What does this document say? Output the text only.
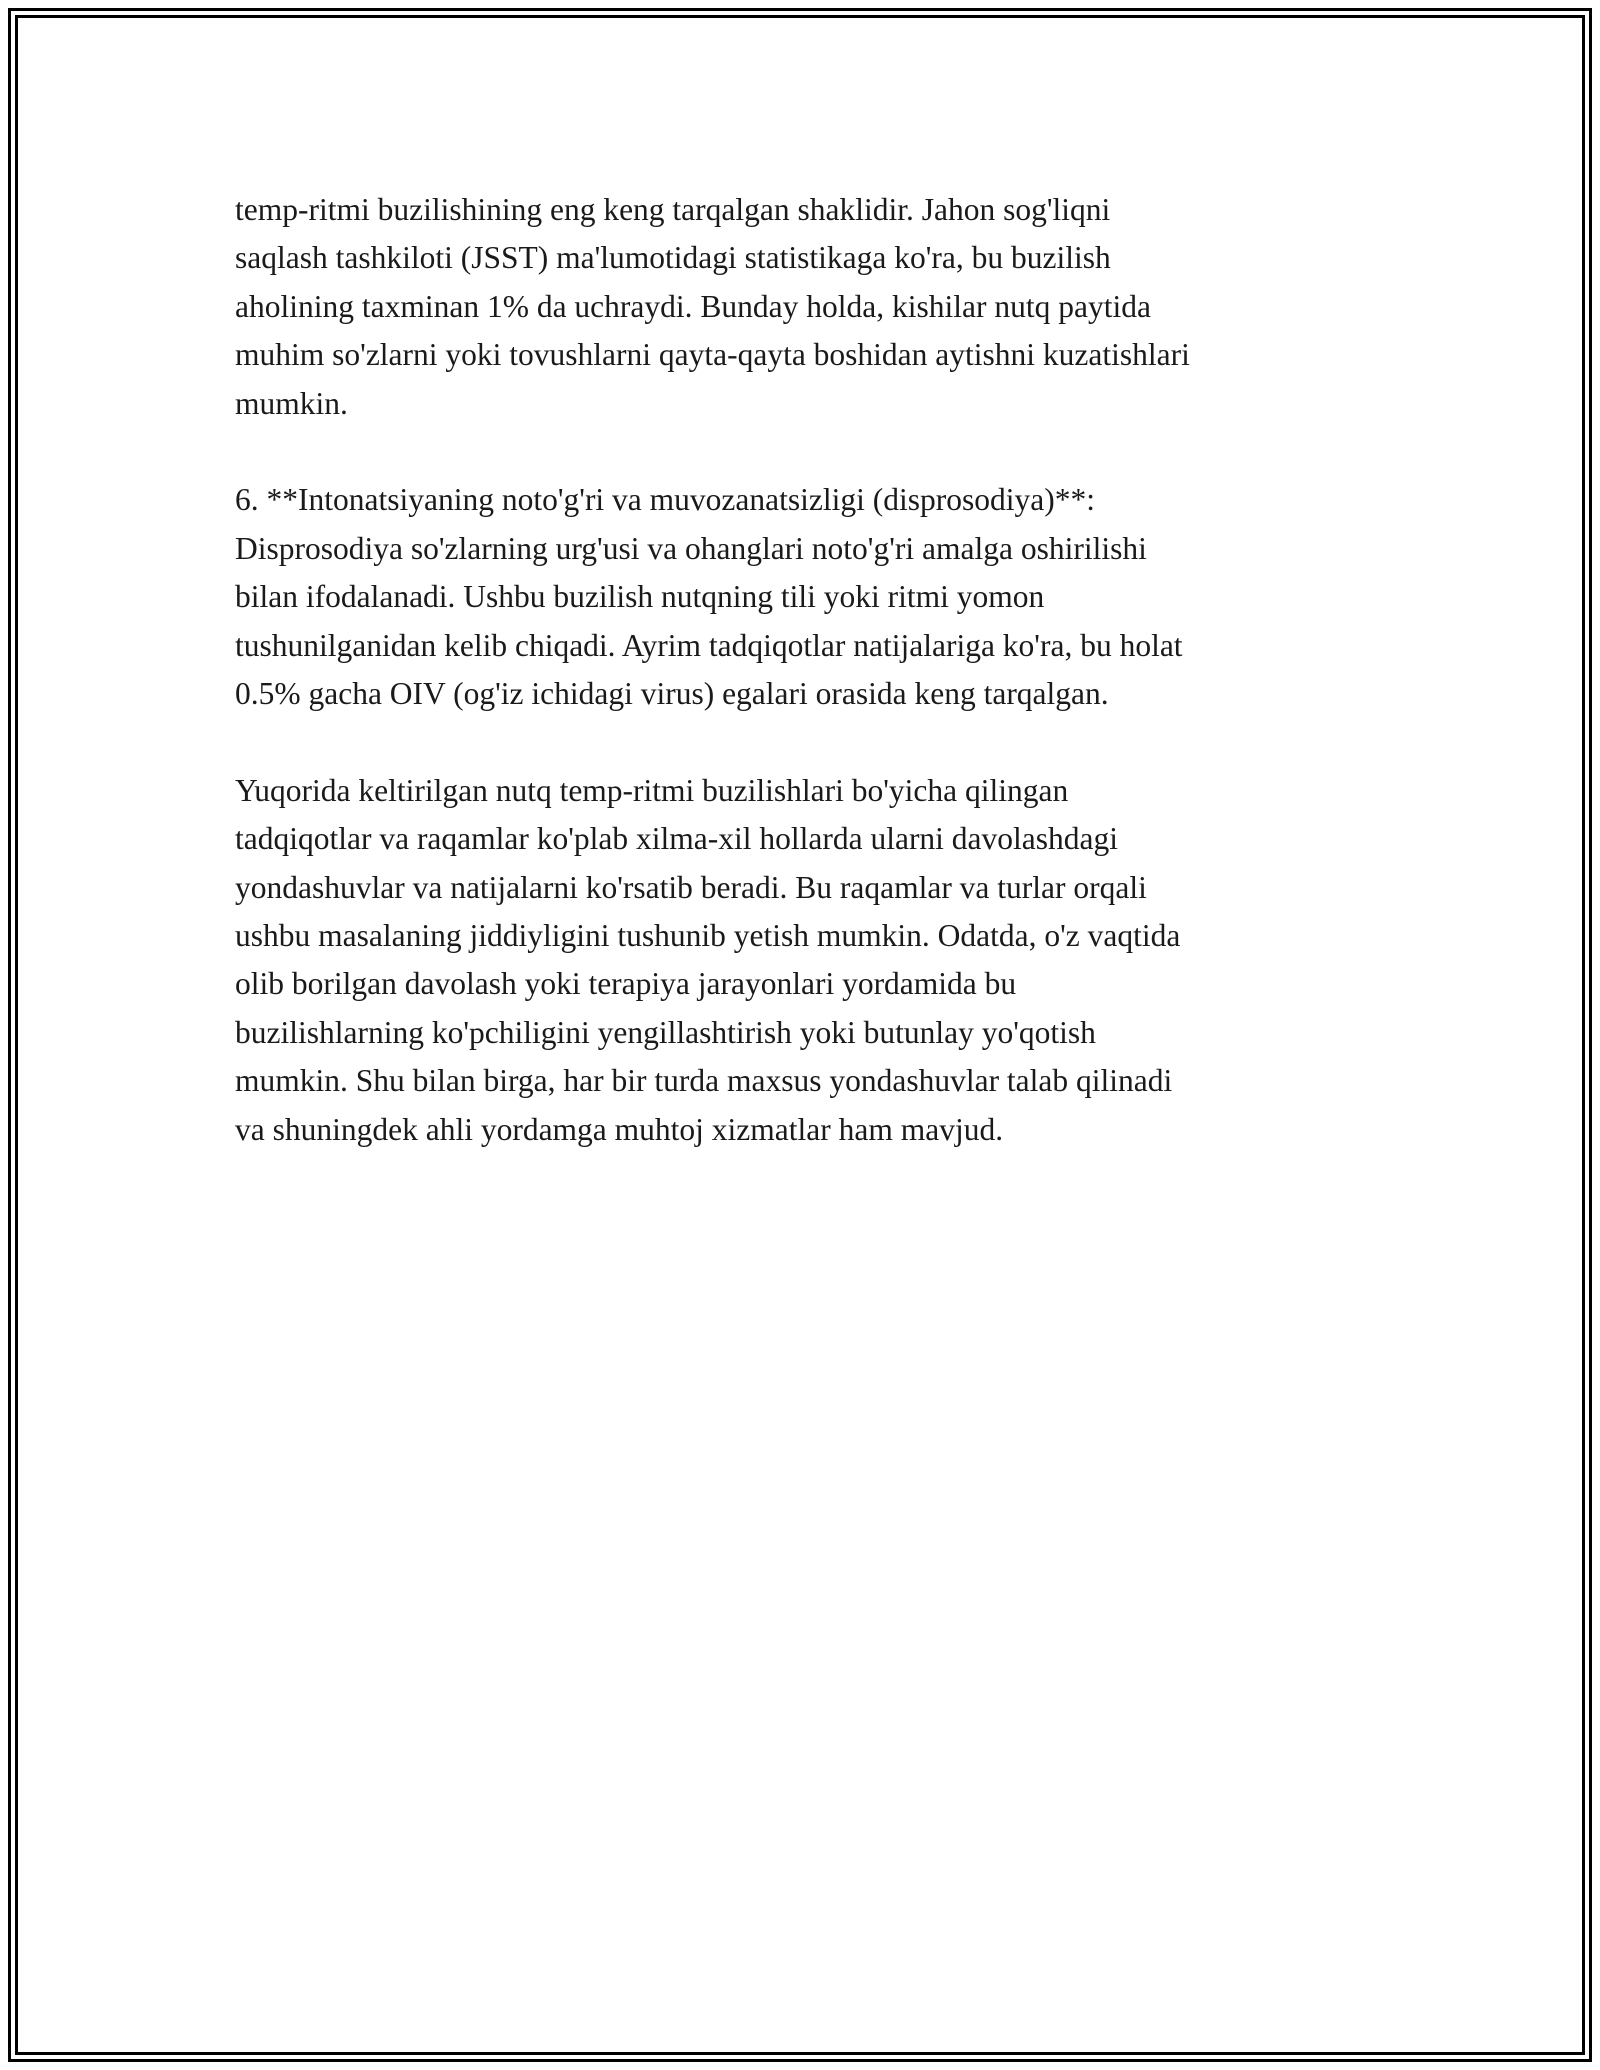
temp-ritmi buzilishining eng keng tarqalgan shaklidir. Jahon sog'liqni
saqlash tashkiloti (JSST) ma'lumotidagi statistikaga ko'ra, bu buzilish
aholining taxminan 1% da uchraydi. Bunday holda, kishilar nutq paytida
muhim so'zlarni yoki tovushlarni qayta-qayta boshidan aytishni kuzatishlari
mumkin.
6. **Intonatsiyaning noto'g'ri va muvozanatsizligi (disprosodiya)**:
Disprosodiya so'zlarning urg'usi va ohanglari noto'g'ri amalga oshirilishi
bilan ifodalanadi. Ushbu buzilish nutqning tili yoki ritmi yomon
tushunilganidan kelib chiqadi. Ayrim tadqiqotlar natijalariga ko'ra, bu holat
0.5% gacha OIV (og'iz ichidagi virus) egalari orasida keng tarqalgan.
Yuqorida keltirilgan nutq temp-ritmi buzilishlari bo'yicha qilingan
tadqiqotlar va raqamlar ko'plab xilma-xil hollarda ularni davolashdagi
yondashuvlar va natijalarni ko'rsatib beradi. Bu raqamlar va turlar orqali
ushbu masalaning jiddiyligini tushunib yetish mumkin. Odatda, o'z vaqtida
olib borilgan davolash yoki terapiya jarayonlari yordamida bu
buzilishlarning ko'pchiligini yengillashtirish yoki butunlay yo'qotish
mumkin. Shu bilan birga, har bir turda maxsus yondashuvlar talab qilinadi
va shuningdek ahli yordamga muhtoj xizmatlar ham mavjud.
